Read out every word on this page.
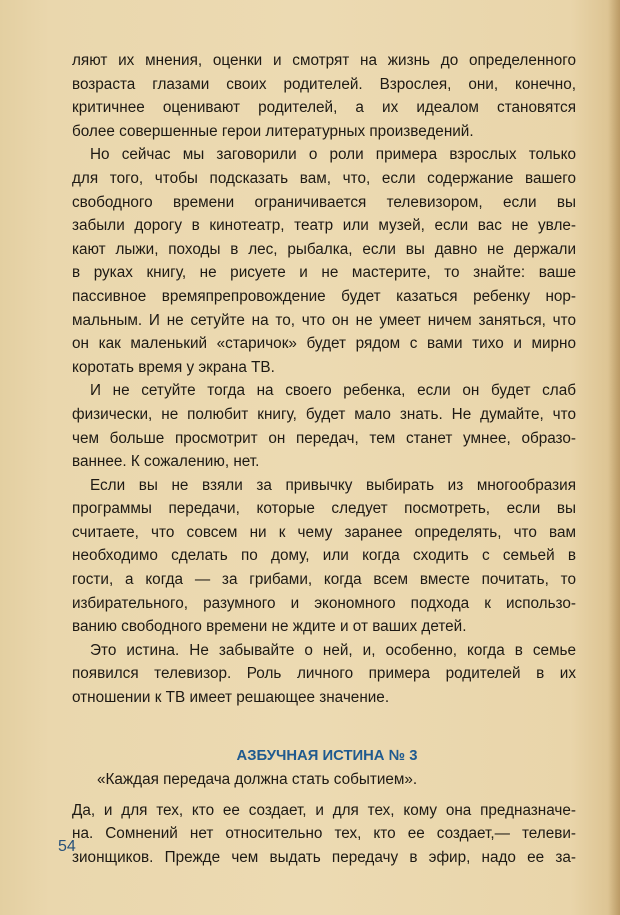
ляют их мнения, оценки и смотрят на жизнь до определенного
возраста глазами своих родителей. Взрослея, они, конечно,
критичнее оценивают родителей, а их идеалом становятся
более совершенные герои литературных произведений.
Но сейчас мы заговорили о роли примера взрослых только
для того, чтобы подсказать вам, что, если содержание вашего
свободного времени ограничивается телевизором, если вы
забыли дорогу в кинотеатр, театр или музей, если вас не увле-
кают лыжи, походы в лес, рыбалка, если вы давно не держали
в руках книгу, не рисуете и не мастерите, то знайте: ваше
пассивное времяпрепровождение будет казаться ребенку нор-
мальным. И не сетуйте на то, что он не умеет ничем заняться, что
он как маленький «старичок» будет рядом с вами тихо и мирно
коротать время у экрана ТВ.
И не сетуйте тогда на своего ребенка, если он будет слаб
физически, не полюбит книгу, будет мало знать. Не думайте, что
чем больше просмотрит он передач, тем станет умнее, образо-
ваннее. К сожалению, нет.
Если вы не взяли за привычку выбирать из многообразия
программы передачи, которые следует посмотреть, если вы
считаете, что совсем ни к чему заранее определять, что вам
необходимо сделать по дому, или когда сходить с семьей в
гости, а когда — за грибами, когда всем вместе почитать, то
избирательного, разумного и экономного подхода к использо-
ванию свободного времени не ждите и от ваших детей.
Это истина. Не забывайте о ней, и, особенно, когда в семье
появился телевизор. Роль личного примера родителей в их
отношении к ТВ имеет решающее значение.
АЗБУЧНАЯ ИСТИНА № 3
«Каждая передача должна стать событием».
Да, и для тех, кто ее создает, и для тех, кому она предназначе-
на. Сомнений нет относительно тех, кто ее создает,— телеви-
зионщиков. Прежде чем выдать передачу в эфир, надо ее за-
54
